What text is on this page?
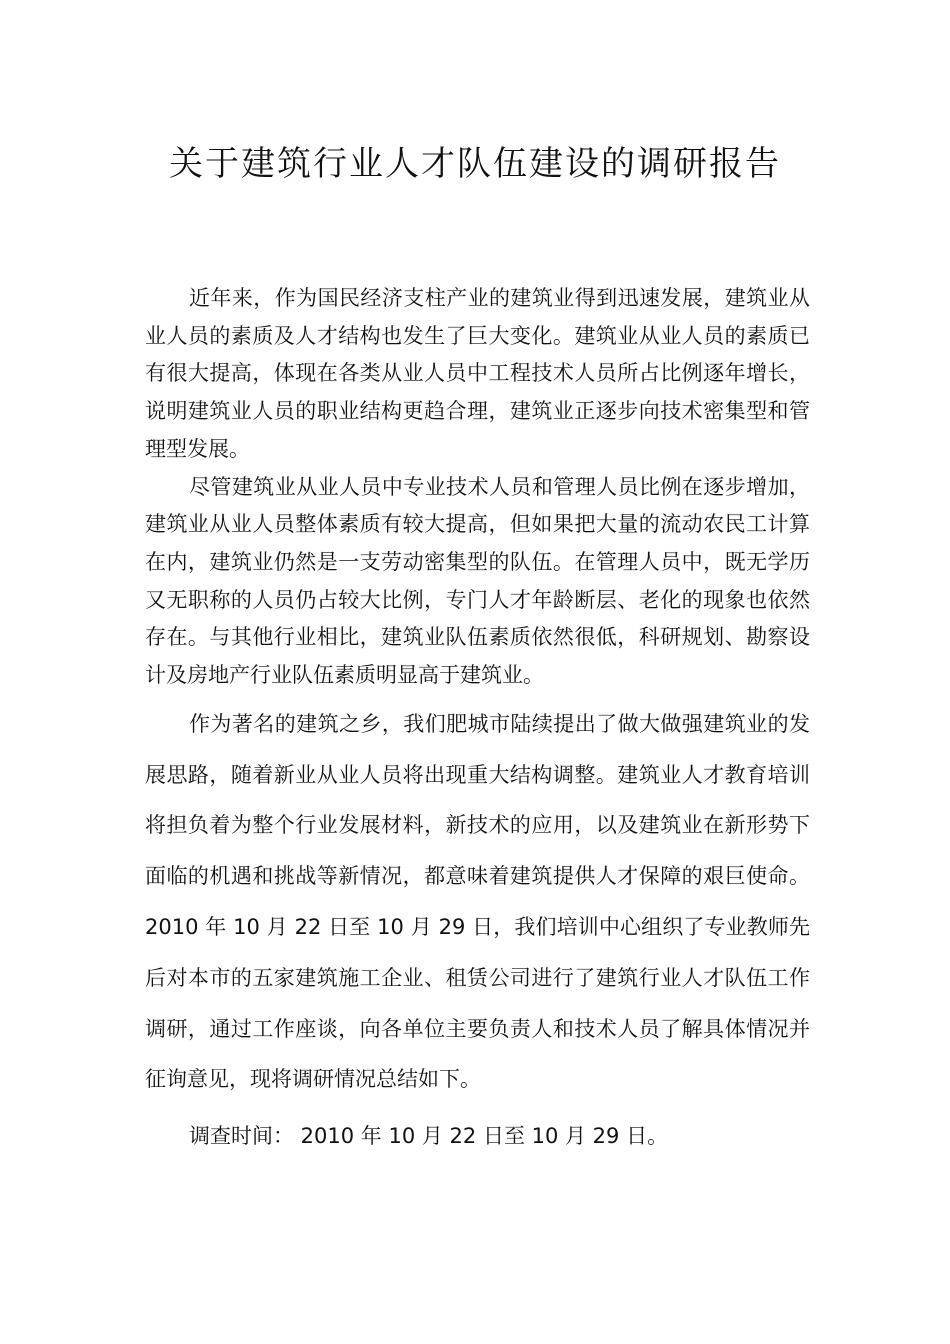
关于建筑行业人才队伍建设的调研报告

近年来，作为国民经济支柱产业的建筑业得到迅速发展，建筑业从业人员的素质及人才结构也发生了巨大变化。建筑业从业人员的素质已有很大提高，体现在各类从业人员中工程技术人员所占比例逐年增长，说明建筑业人员的职业结构更趋合理，建筑业正逐步向技术密集型和管理型发展。

尽管建筑业从业人员中专业技术人员和管理人员比例在逐步增加，建筑业从业人员整体素质有较大提高，但如果把大量的流动农民工计算在内，建筑业仍然是一支劳动密集型的队伍。在管理人员中，既无学历又无职称的人员仍占较大比例，专门人才年龄断层、老化的现象也依然存在。与其他行业相比，建筑业队伍素质依然很低，科研规划、勘察设计及房地产行业队伍素质明显高于建筑业。

作为著名的建筑之乡，我们肥城市陆续提出了做大做强建筑业的发展思路，随着新业从业人员将出现重大结构调整。建筑业人才教育培训将担负着为整个行业发展材料，新技术的应用，以及建筑业在新形势下面临的机遇和挑战等新情况，都意味着建筑提供人才保障的艰巨使命。2010 年 10 月 22 日至 10 月 29 日，我们培训中心组织了专业教师先后对本市的五家建筑施工企业、租赁公司进行了建筑行业人才队伍工作调研，通过工作座谈，向各单位主要负责人和技术人员了解具体情况并征询意见，现将调研情况总结如下。

调查时间： 2010 年 10 月 22 日至 10 月 29 日。
